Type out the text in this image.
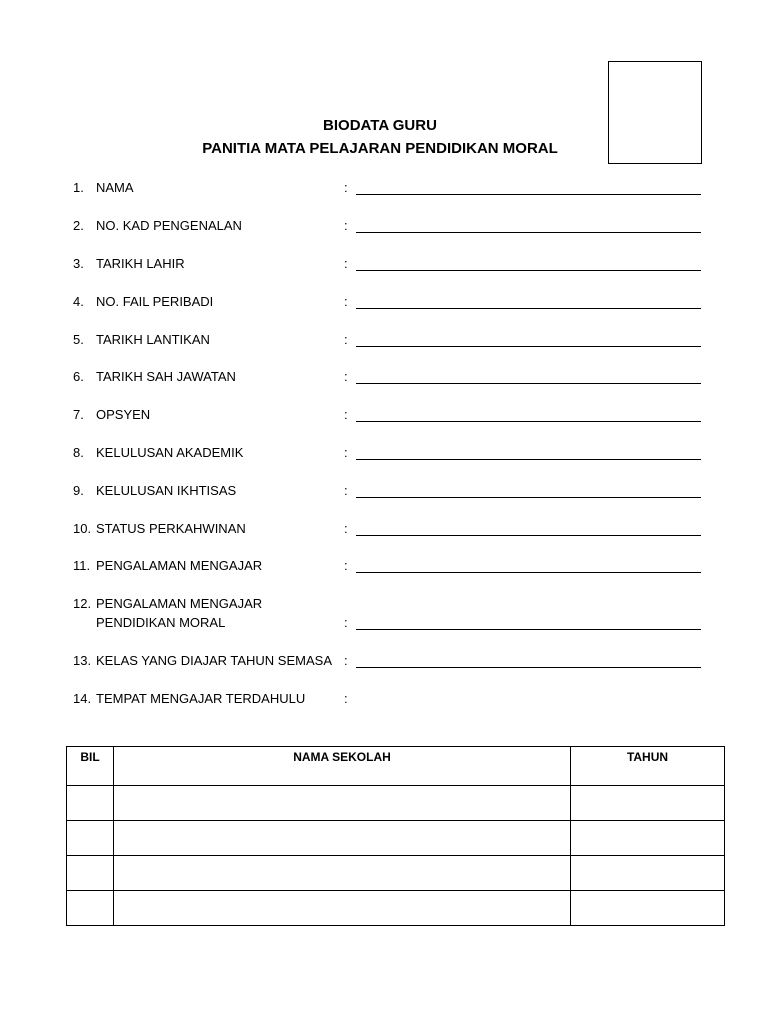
BIODATA GURU
PANITIA MATA PELAJARAN PENDIDIKAN MORAL
1. NAMA	:
2. NO. KAD PENGENALAN	:
3. TARIKH LAHIR	:
4. NO. FAIL PERIBADI	:
5. TARIKH LANTIKAN	:
6. TARIKH SAH JAWATAN	:
7. OPSYEN	:
8. KELULUSAN AKADEMIK	:
9. KELULUSAN IKHTISAS	:
10. STATUS PERKAHWINAN	:
11. PENGALAMAN MENGAJAR	:
12. PENGALAMAN MENGAJAR
PENDIDIKAN MORAL	:
13. KELAS YANG DIAJAR TAHUN SEMASA :
14. TEMPAT MENGAJAR TERDAHULU	:
BIL	NAMA SEKOLAH	TAHUN
